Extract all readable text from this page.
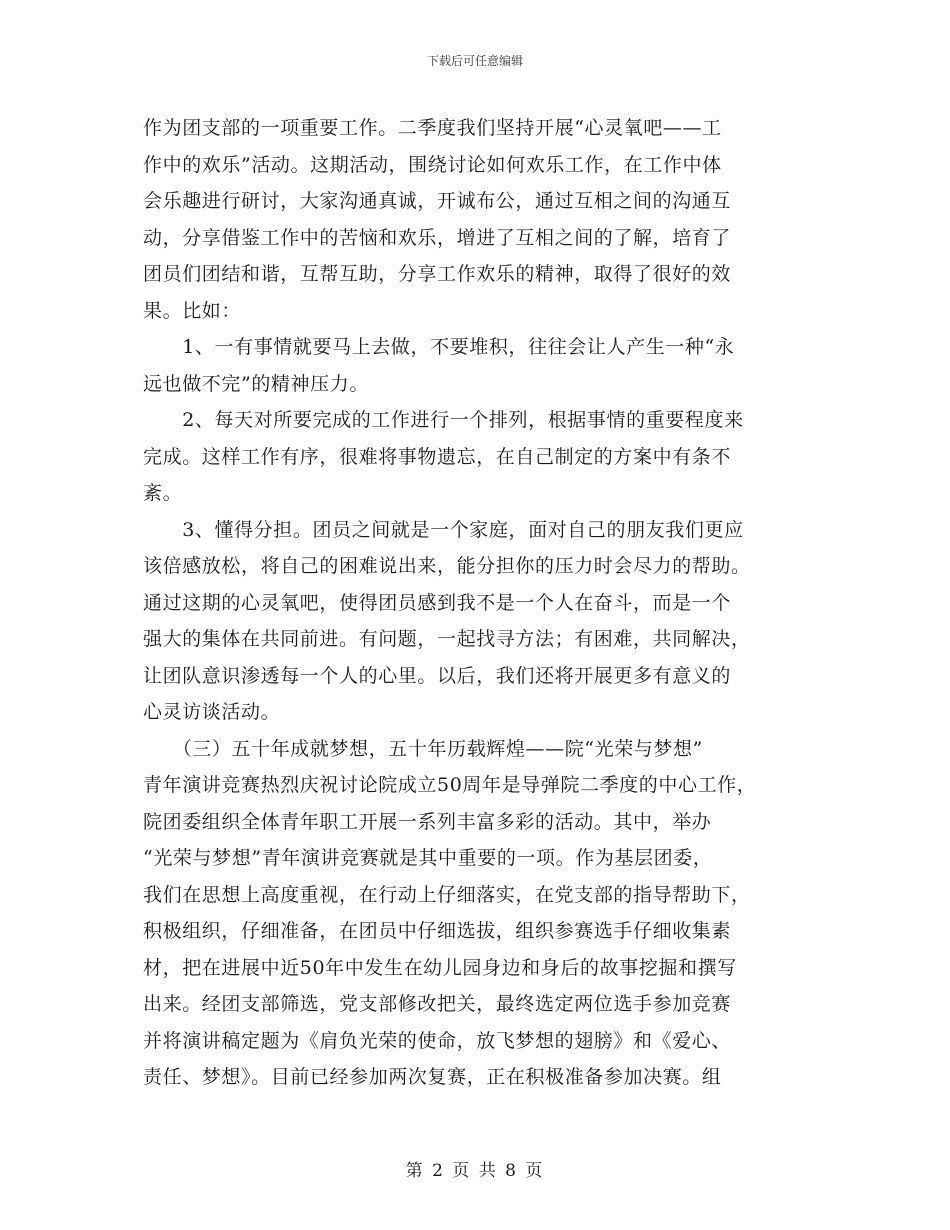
下载后可任意编辑
作为团支部的一项重要工作。二季度我们坚持开展“心灵氧吧——工
作中的欢乐”活动。这期活动，围绕讨论如何欢乐工作，在工作中体
会乐趣进行研讨，大家沟通真诚，开诚布公，通过互相之间的沟通互
动，分享借鉴工作中的苦恼和欢乐，增进了互相之间的了解，培育了
团员们团结和谐，互帮互助，分享工作欢乐的精神，取得了很好的效
果。比如：
　　1、一有事情就要马上去做，不要堆积，往往会让人产生一种“永
远也做不完”的精神压力。
　　2、每天对所要完成的工作进行一个排列，根据事情的重要程度来
完成。这样工作有序，很难将事物遗忘，在自己制定的方案中有条不
紊。
　　3、懂得分担。团员之间就是一个家庭，面对自己的朋友我们更应
该倍感放松，将自己的困难说出来，能分担你的压力时会尽力的帮助。
通过这期的心灵氧吧，使得团员感到我不是一个人在奋斗，而是一个
强大的集体在共同前进。有问题，一起找寻方法；有困难，共同解决，
让团队意识渗透每一个人的心里。以后，我们还将开展更多有意义的
心灵访谈活动。
　　（三）五十年成就梦想，五十年历载辉煌——院“光荣与梦想”
青年演讲竞赛热烈庆祝讨论院成立50周年是导弹院二季度的中心工作，
院团委组织全体青年职工开展一系列丰富多彩的活动。其中，举办
“光荣与梦想”青年演讲竞赛就是其中重要的一项。作为基层团委，
我们在思想上高度重视，在行动上仔细落实，在党支部的指导帮助下，
积极组织，仔细准备，在团员中仔细选拔，组织参赛选手仔细收集素
材，把在进展中近50年中发生在幼儿园身边和身后的故事挖掘和撰写
出来。经团支部筛选，党支部修改把关，最终选定两位选手参加竞赛
并将演讲稿定题为《肩负光荣的使命，放飞梦想的翅膀》和《爱心、
责任、梦想》。目前已经参加两次复赛，正在积极准备参加决赛。组
第 2 页 共 8 页
